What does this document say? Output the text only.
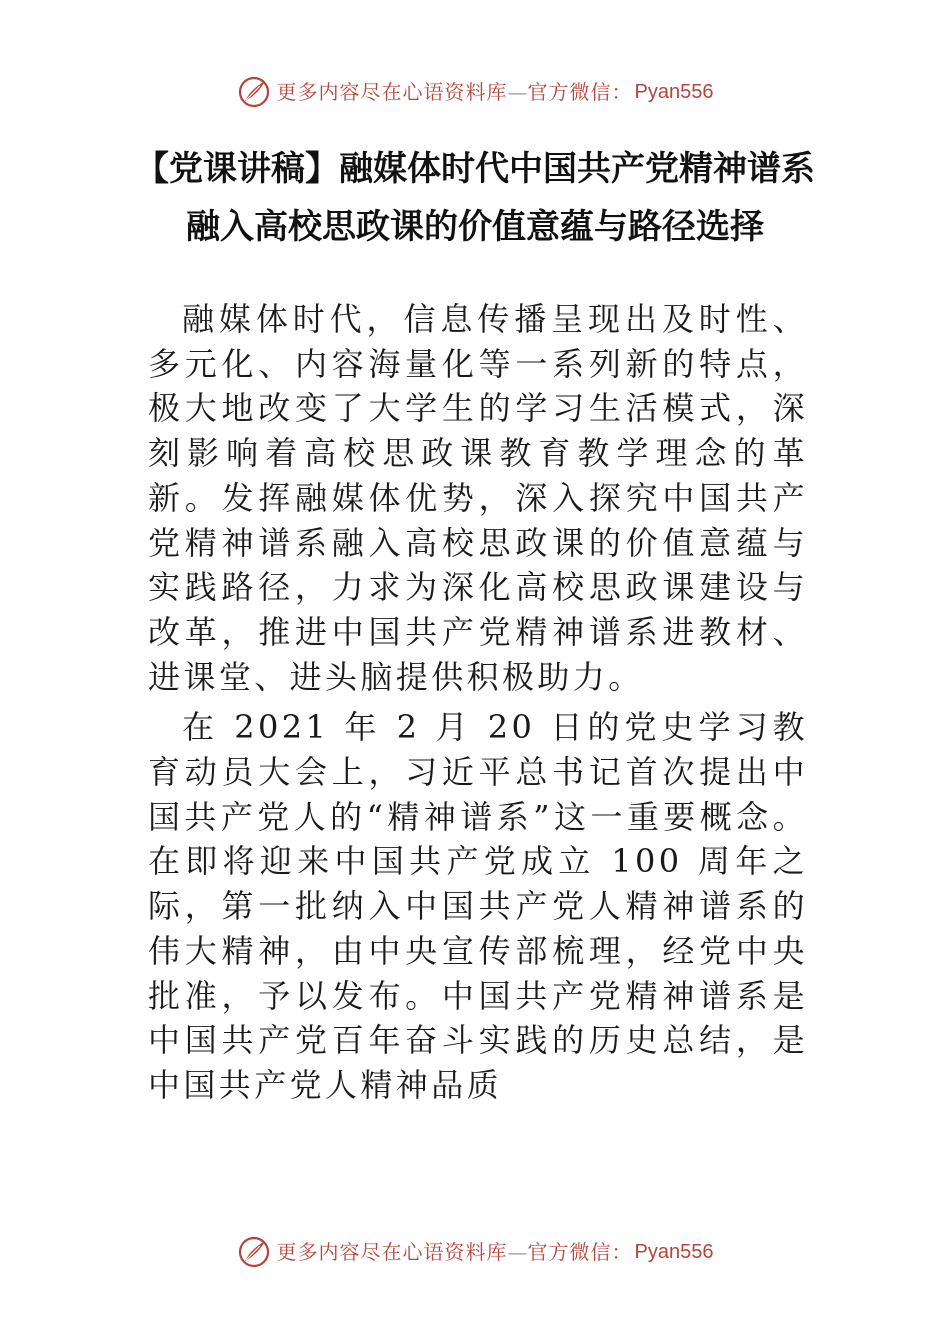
更多内容尽在心语资料库 — 官方微信： Pyan556
【党课讲稿】融媒体时代中国共产党精神谱系
融入高校思政课的价值意蕴与路径选择

融媒体时代，信息传播呈现出及时性、多元化、内容海量化等一系列新的特点，极大地改变了大学生的学习生活模式，深刻影响着高校思政课教育教学理念的革新。发挥融媒体优势，深入探究中国共产党精神谱系融入高校思政课的价值意蕴与实践路径，力求为深化高校思政课建设与改革，推进中国共产党精神谱系进教材、进课堂、进头脑提供积极助力。

在 2021 年 2 月 20 日的党史学习教育动员大会上，习近平总书记首次提出中国共产党人的“精神谱系”这一重要概念。在即将迎来中国共产党成立 100 周年之际，第一批纳入中国共产党人精神谱系的伟大精神，由中央宣传部梳理，经党中央批准，予以发布。中国共产党精神谱系是中国共产党百年奋斗实践的历史总结，是中国共产党人精神品质

更多内容尽在心语资料库 — 官方微信： Pyan556
